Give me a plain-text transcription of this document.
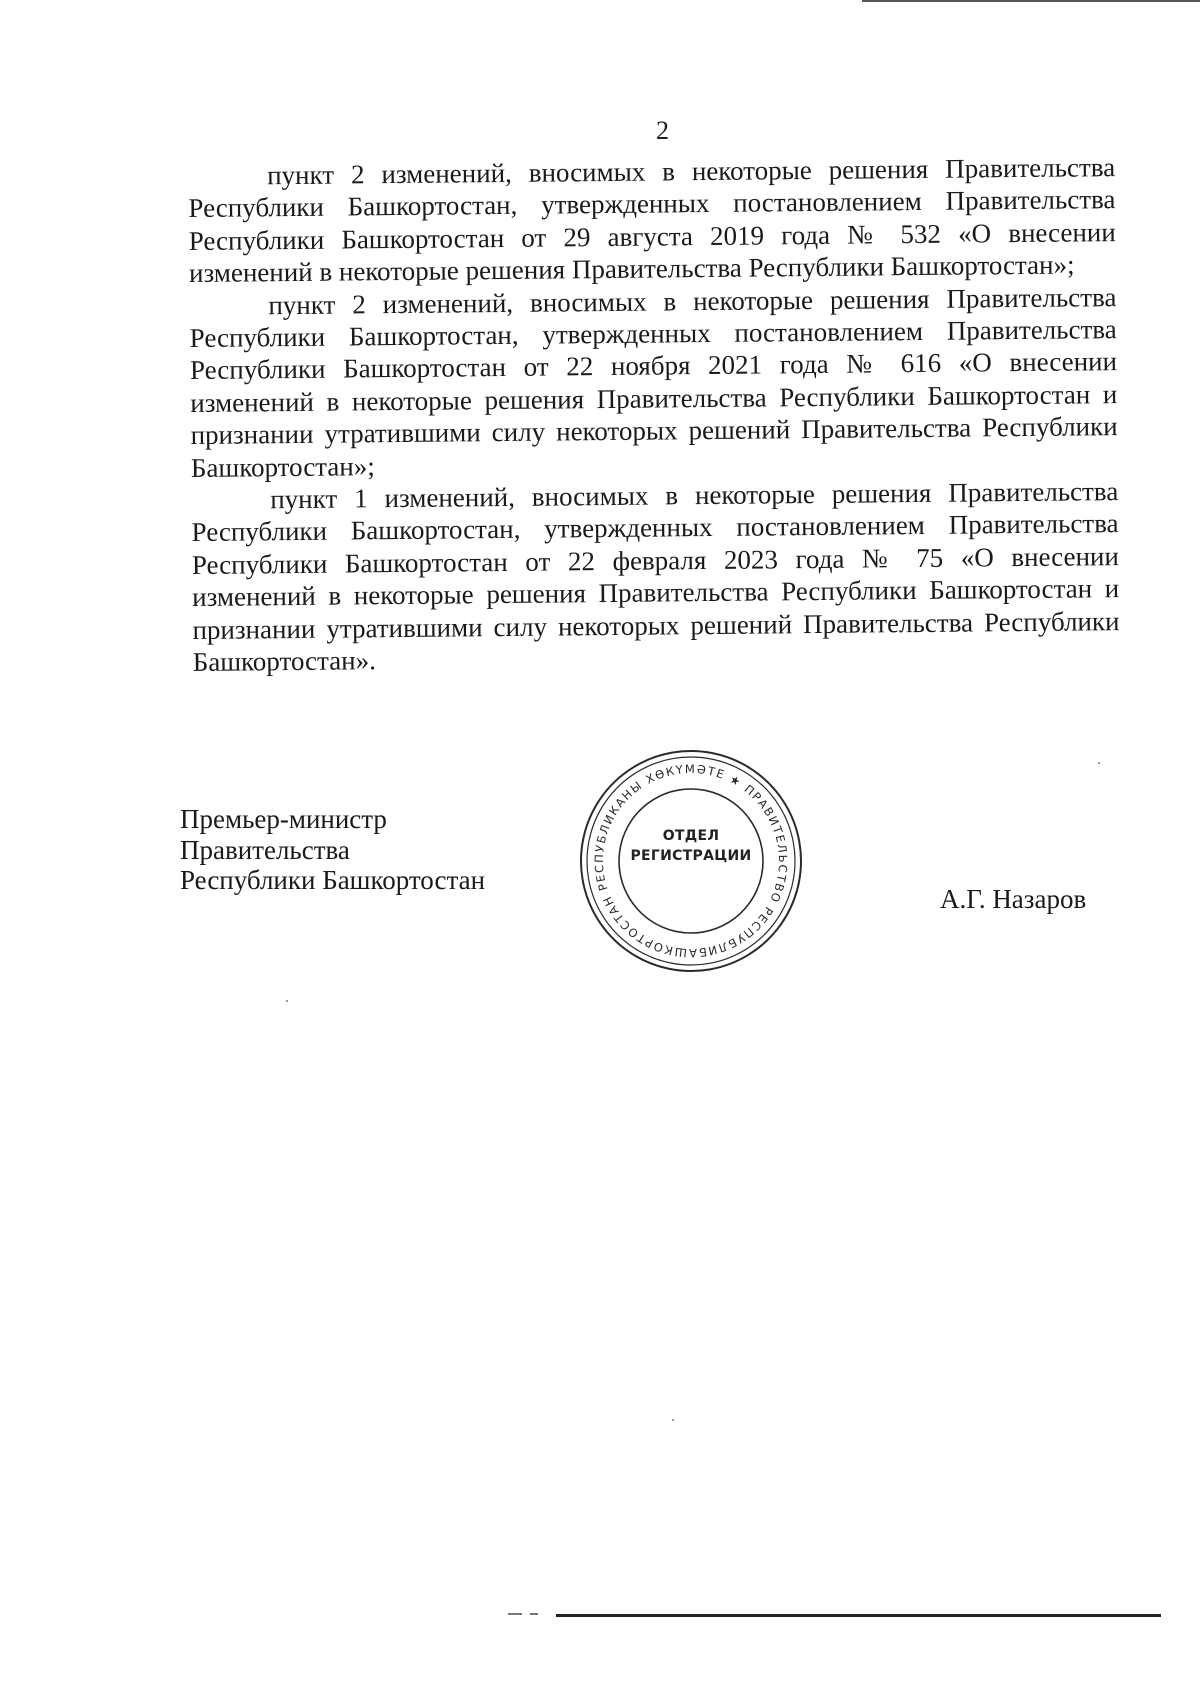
2

пункт 2 изменений, вносимых в некоторые решения Правительства Республики Башкортостан, утвержденных постановлением Правительства Республики Башкортостан от 29 августа 2019 года № 532 «О внесении изменений в некоторые решения Правительства Республики Башкортостан»;

пункт 2 изменений, вносимых в некоторые решения Правительства Республики Башкортостан, утвержденных постановлением Правительства Республики Башкортостан от 22 ноября 2021 года № 616 «О внесении изменений в некоторые решения Правительства Республики Башкортостан и признании утратившими силу некоторых решений Правительства Республики Башкортостан»;

пункт 1 изменений, вносимых в некоторые решения Правительства Республики Башкортостан, утвержденных постановлением Правительства Республики Башкортостан от 22 февраля 2023 года № 75 «О внесении изменений в некоторые решения Правительства Республики Башкортостан и признании утратившими силу некоторых решений Правительства Республики Башкортостан».

Премьер-министр
Правительства
Республики Башкортостан
БАШКОРТОСТАН РЕСПУБЛИКАНЫ ХӨКҮМӘТЕ ★ ПРАВИТЕЛЬСТВО РЕСПУБЛИКИ
ОТДЕЛ
РЕГИСТРАЦИИ
А.Г. Назаров
